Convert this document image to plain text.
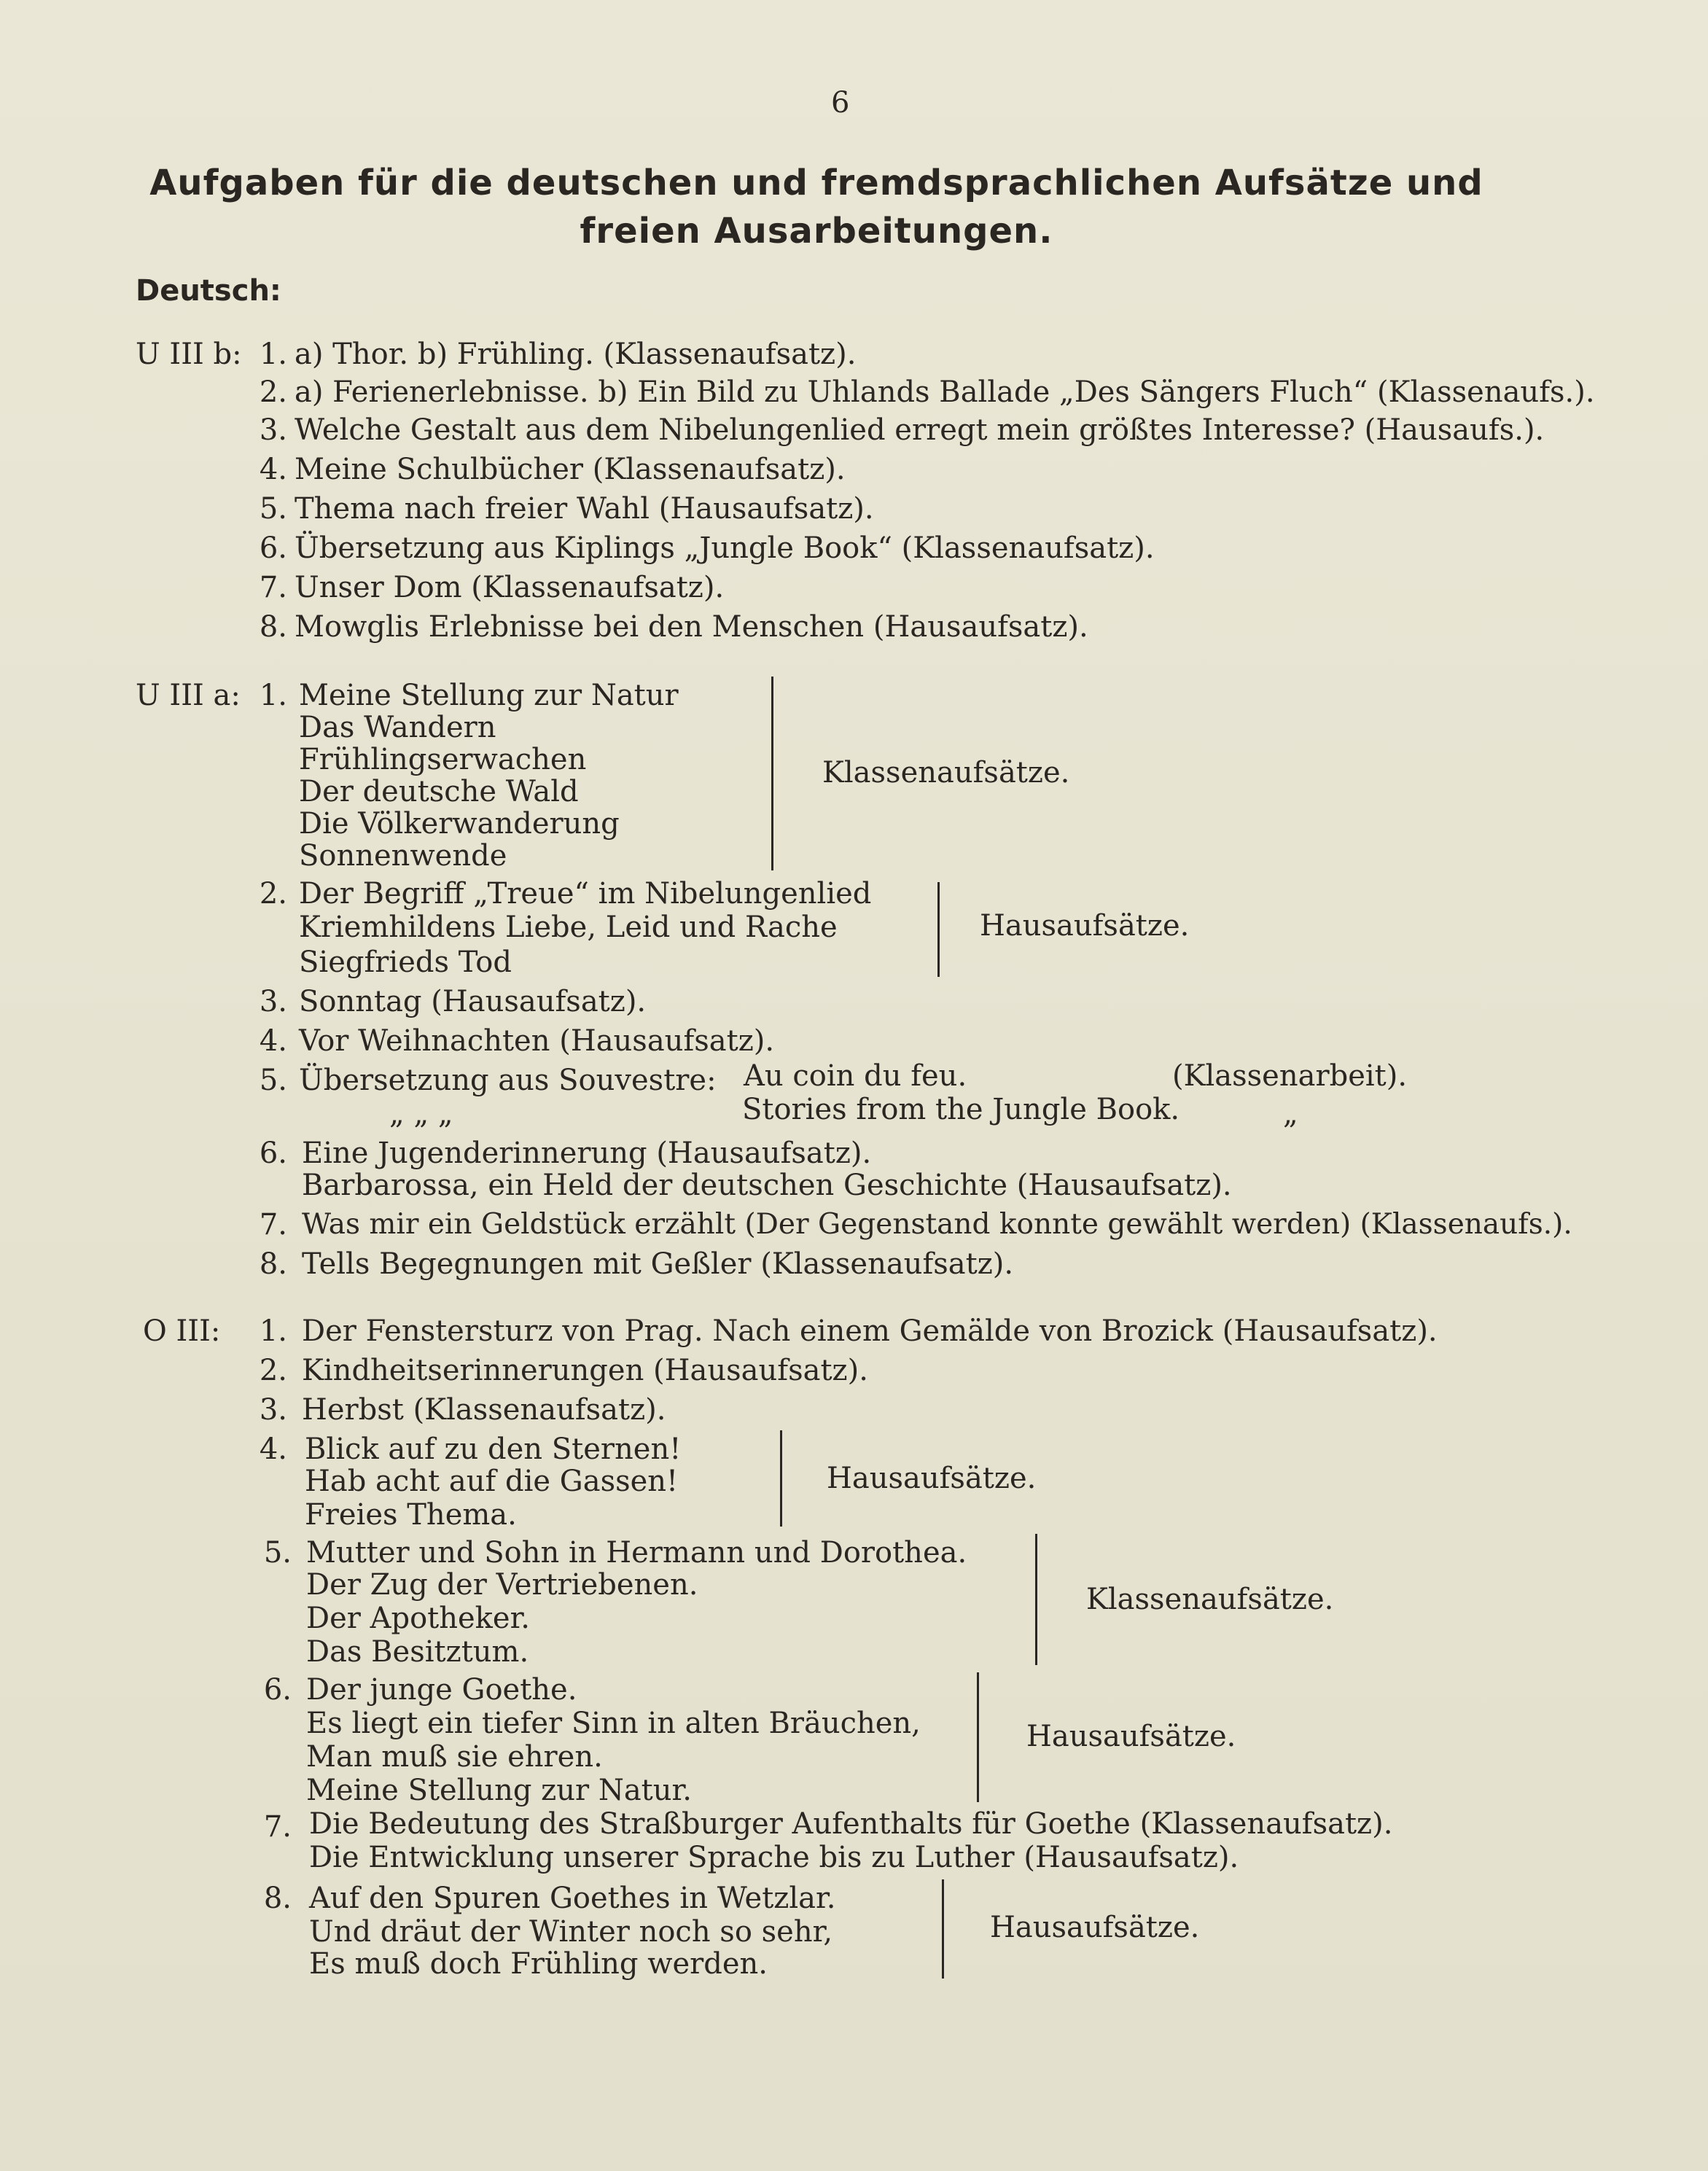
6
Aufgaben für die deutschen und fremdsprachlichen Aufsätze und freien Ausarbeitungen.
Deutsch:
U III b: 1. a) Thor. b) Frühling. (Klassenaufsatz).
2. a) Ferienerlebnisse. b) Ein Bild zu Uhlands Ballade „Des Sängers Fluch“ (Klassenaufs.).
3. Welche Gestalt aus dem Nibelungenlied erregt mein größtes Interesse? (Hausaufs.).
4. Meine Schulbücher (Klassenaufsatz).
5. Thema nach freier Wahl (Hausaufsatz).
6. Übersetzung aus Kiplings „Jungle Book“ (Klassenaufsatz).
7. Unser Dom (Klassenaufsatz).
8. Mowglis Erlebnisse bei den Menschen (Hausaufsatz).
U III a: 1. Meine Stellung zur Natur
Das Wandern
Frühlingserwachen
Der deutsche Wald
Die Völkerwanderung
Sonnenwende
Klassenaufsätze.
2. Der Begriff „Treue“ im Nibelungenlied
Kriemhildens Liebe, Leid und Rache
Siegfrieds Tod
Hausaufsätze.
3. Sonntag (Hausaufsatz).
4. Vor Weihnachten (Hausaufsatz).
5. Übersetzung aus Souvestre: Au coin du feu.	(Klassenarbeit).
„ „ „	Stories from the Jungle Book.	„
6. Eine Jugenderinnerung (Hausaufsatz).
Barbarossa, ein Held der deutschen Geschichte (Hausaufsatz).
7. Was mir ein Geldstück erzählt (Der Gegenstand konnte gewählt werden) (Klassenaufs.).
8. Tells Begegnungen mit Geßler (Klassenaufsatz).
O III:	1. Der Fenstersturz von Prag. Nach einem Gemälde von Brozick (Hausaufsatz).
2. Kindheitserinnerungen (Hausaufsatz).
3. Herbst (Klassenaufsatz).
4. Blick auf zu den Sternen!
Hab acht auf die Gassen!
Freies Thema.
Hausaufsätze.
5. Mutter und Sohn in Hermann und Dorothea.
Der Zug der Vertriebenen.
Der Apotheker.
Das Besitztum.
Klassenaufsätze.
6. Der junge Goethe.
Es liegt ein tiefer Sinn in alten Bräuchen,
Man muß sie ehren.
Meine Stellung zur Natur.
Hausaufsätze.
7. Die Bedeutung des Straßburger Aufenthalts für Goethe (Klassenaufsatz).
Die Entwicklung unserer Sprache bis zu Luther (Hausaufsatz).
8. Auf den Spuren Goethes in Wetzlar.
Und dräut der Winter noch so sehr,
Es muß doch Frühling werden.
Hausaufsätze.
